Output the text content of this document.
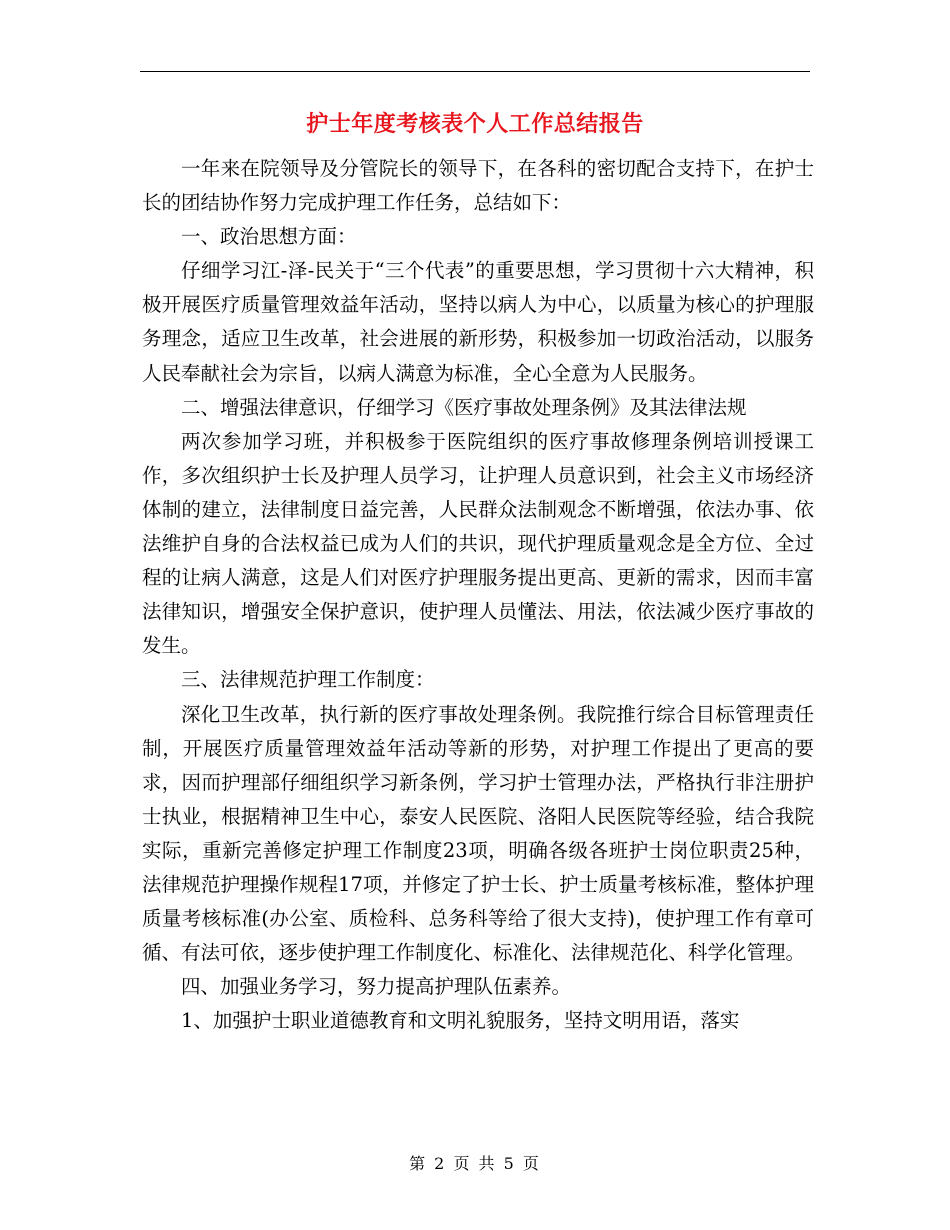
护士年度考核表个人工作总结报告

一年来在院领导及分管院长的领导下，在各科的密切配合支持下，在护士长的团结协作努力完成护理工作任务，总结如下：

一、政治思想方面：

仔细学习江-泽-民关于“三个代表”的重要思想，学习贯彻十六大精神，积极开展医疗质量管理效益年活动，坚持以病人为中心，以质量为核心的护理服务理念，适应卫生改革，社会进展的新形势，积极参加一切政治活动，以服务人民奉献社会为宗旨，以病人满意为标准，全心全意为人民服务。

二、增强法律意识，仔细学习《医疗事故处理条例》及其法律法规

两次参加学习班，并积极参于医院组织的医疗事故修理条例培训授课工作，多次组织护士长及护理人员学习，让护理人员意识到，社会主义市场经济体制的建立，法律制度日益完善，人民群众法制观念不断增强，依法办事、依法维护自身的合法权益已成为人们的共识，现代护理质量观念是全方位、全过程的让病人满意，这是人们对医疗护理服务提出更高、更新的需求，因而丰富法律知识，增强安全保护意识，使护理人员懂法、用法，依法减少医疗事故的发生。

三、法律规范护理工作制度：

深化卫生改革，执行新的医疗事故处理条例。我院推行综合目标管理责任制，开展医疗质量管理效益年活动等新的形势，对护理工作提出了更高的要求，因而护理部仔细组织学习新条例，学习护士管理办法，严格执行非注册护士执业，根据精神卫生中心，泰安人民医院、洛阳人民医院等经验，结合我院实际，重新完善修定护理工作制度23项，明确各级各班护士岗位职责25种，法律规范护理操作规程17项，并修定了护士长、护士质量考核标准，整体护理质量考核标准(办公室、质检科、总务科等给了很大支持)，使护理工作有章可循、有法可依，逐步使护理工作制度化、标准化、法律规范化、科学化管理。

四、加强业务学习，努力提高护理队伍素养。

1、加强护士职业道德教育和文明礼貌服务，坚持文明用语，落实

第 2 页 共 5 页
